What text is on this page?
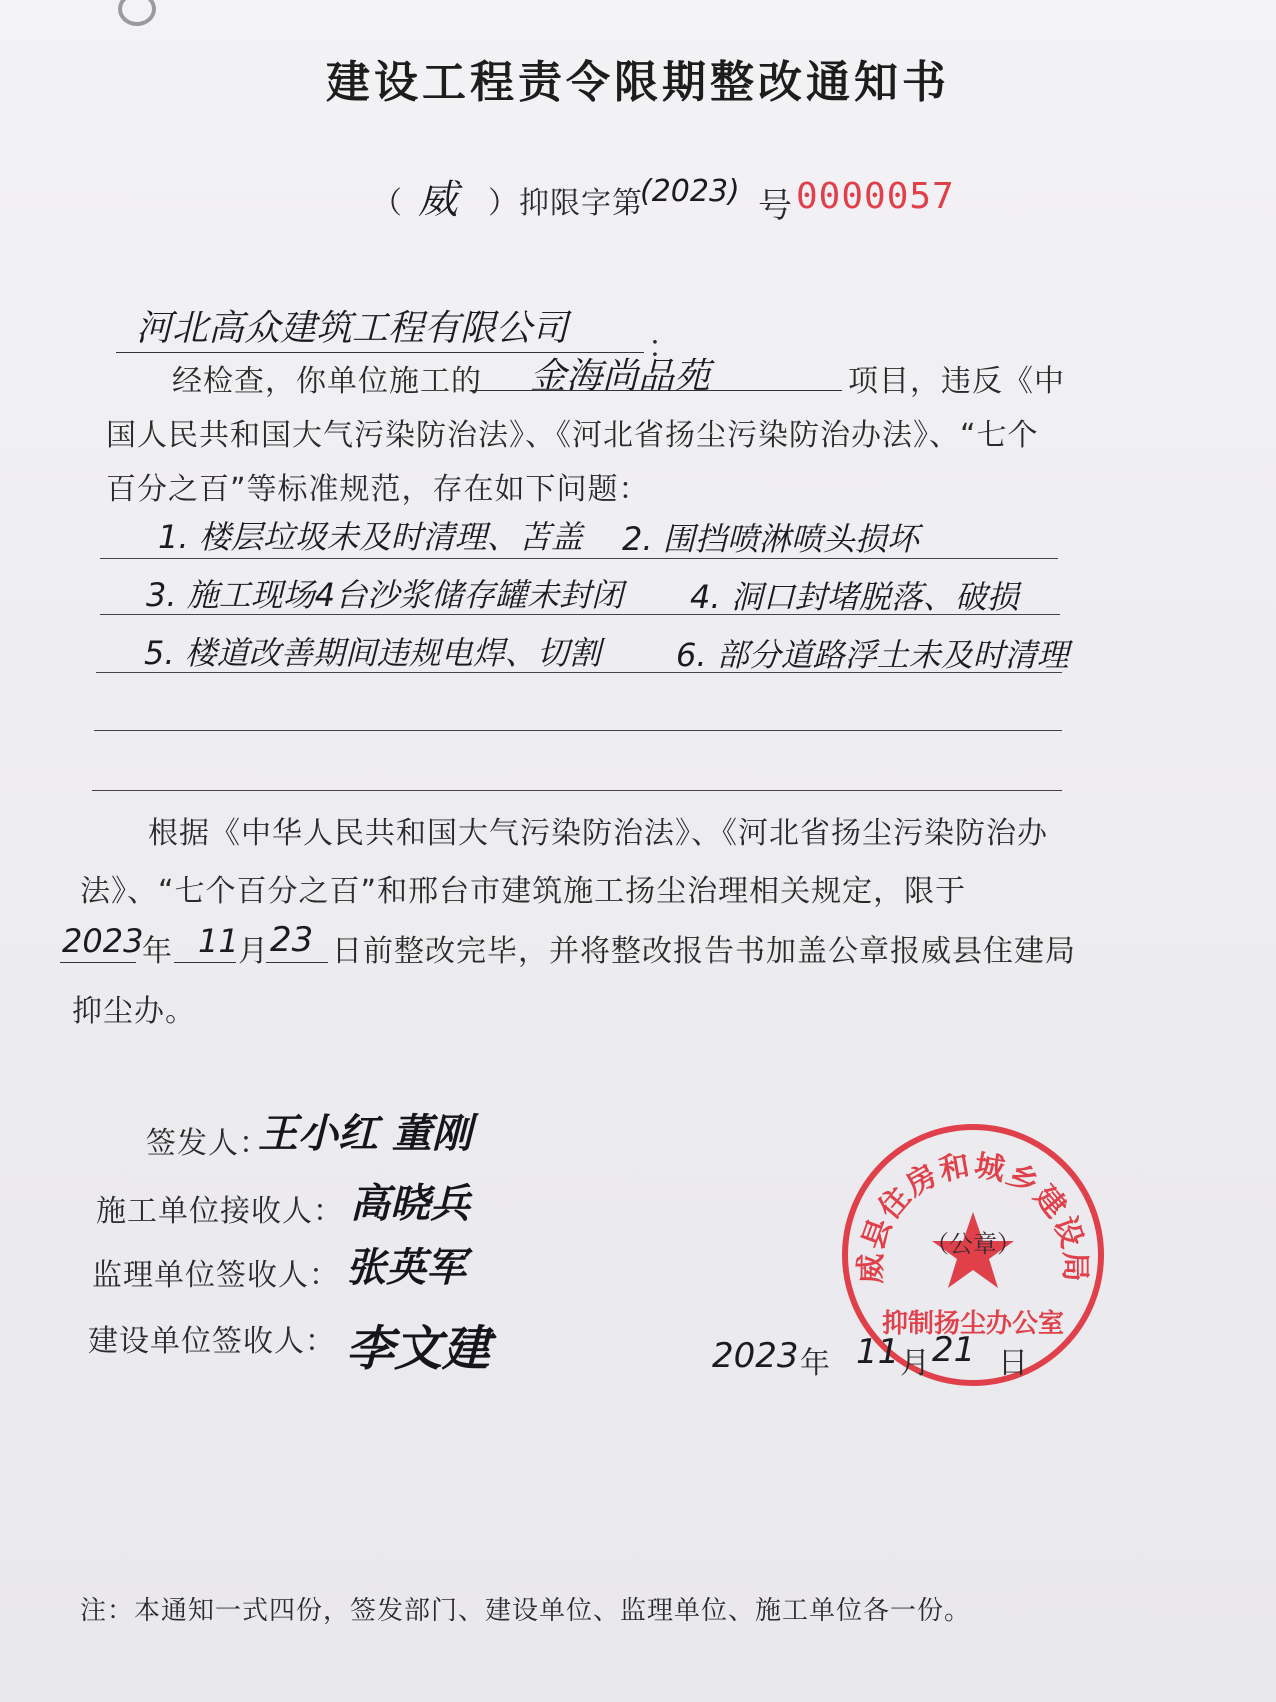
建设工程责令限期整改通知书
（ 威 ）抑限字第
(2023) 号 0000057
河北高众建筑工程有限公司	：
经检查，你单位施工的 金海尚品苑	项目，违反《中
国人民共和国大气污染防治法》、《河北省扬尘污染防治办法》、“七个
百分之百”等标准规范，存在如下问题：
1. 楼层垃圾未及时清理、苫盖 2. 围挡喷淋喷头损坏
3. 施工现场4台沙浆储存罐未封闭 4. 洞口封堵脱落、破损
5. 楼道改善期间违规电焊、切割 6. 部分道路浮土未及时清理
根据《中华人民共和国大气污染防治法》、《河北省扬尘污染防治办
法》、“七个百分之百”和邢台市建筑施工扬尘治理相关规定，限于
2023
年 11 月 23 日前整改完毕，并将整改报告书加盖公章报威县住建局
抑尘办。
签发人：
王小红 董刚
施工单位接收人： 高晓兵
监理单位签收人： 张英军
建设单位签收人： 李文建
威县住房和城乡建设局
（公章）
抑制扬尘办公室
2023 年 11 月 21 日
注：本通知一式四份，签发部门、建设单位、监理单位、施工单位各一份。
